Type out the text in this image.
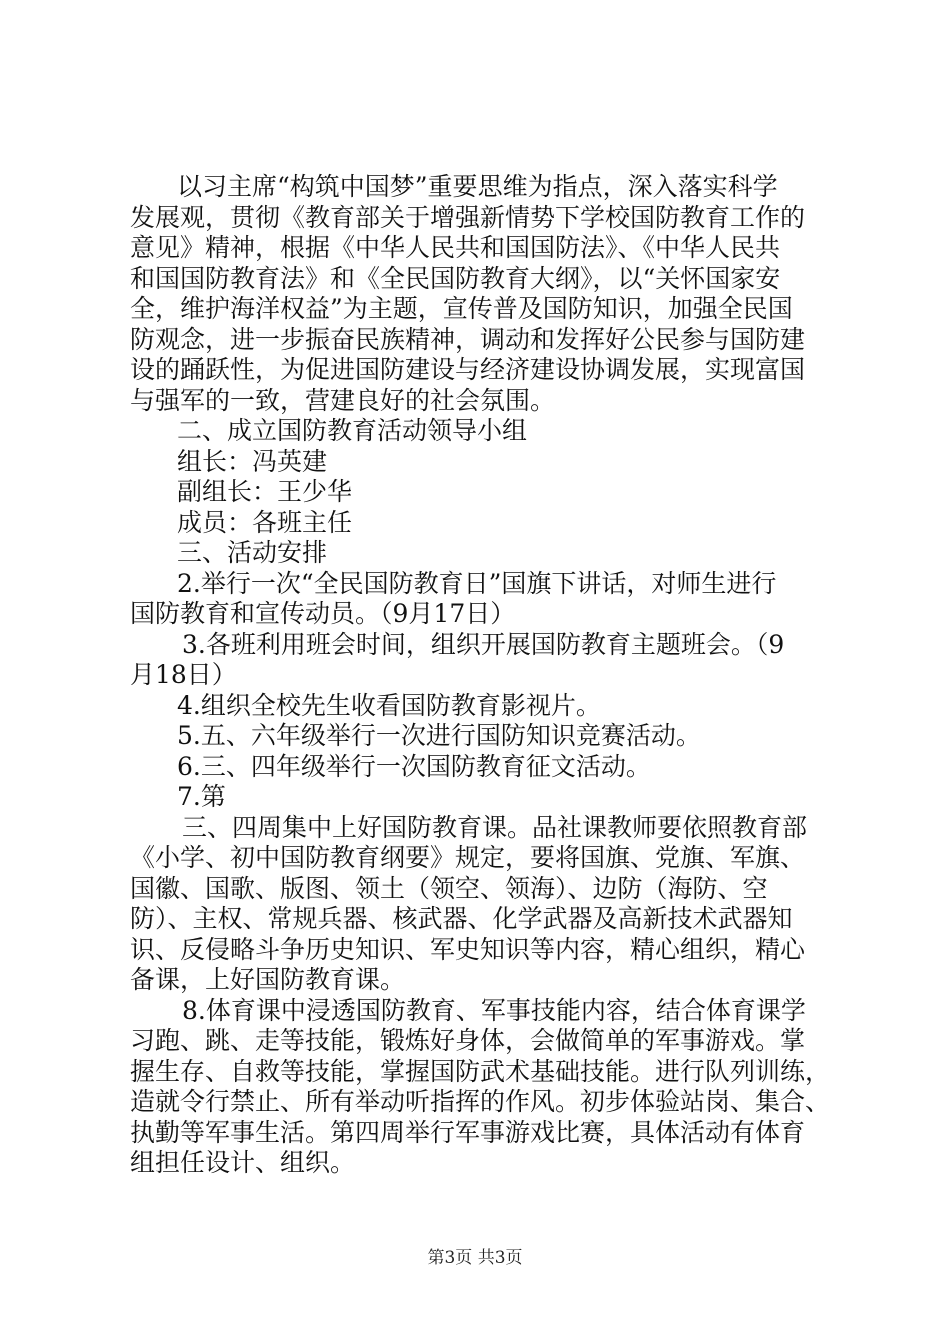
以习主席“构筑中国梦”重要思维为指点，深入落实科学
发展观，贯彻《教育部关于增强新情势下学校国防教育工作的
意见》精神，根据《中华人民共和国国防法》、《中华人民共
和国国防教育法》和《全民国防教育大纲》，以“关怀国家安
全，维护海洋权益”为主题，宣传普及国防知识，加强全民国
防观念，进一步振奋民族精神，调动和发挥好公民参与国防建
设的踊跃性，为促进国防建设与经济建设协调发展，实现富国
与强军的一致，营建良好的社会氛围。
二、成立国防教育活动领导小组
组长：冯英建
副组长：王少华
成员：各班主任
三、活动安排
2.举行一次“全民国防教育日”国旗下讲话，对师生进行
国防教育和宣传动员。（9月17日）
3.各班利用班会时间，组织开展国防教育主题班会。（9
月18日）
4.组织全校先生收看国防教育影视片。
5.五、六年级举行一次进行国防知识竞赛活动。
6.三、四年级举行一次国防教育征文活动。
7.第
三、四周集中上好国防教育课。品社课教师要依照教育部
《小学、初中国防教育纲要》规定，要将国旗、党旗、军旗、
国徽、国歌、版图、领土（领空、领海）、边防（海防、空
防）、主权、常规兵器、核武器、化学武器及高新技术武器知
识、反侵略斗争历史知识、军史知识等内容，精心组织，精心
备课，上好国防教育课。
8.体育课中浸透国防教育、军事技能内容，结合体育课学
习跑、跳、走等技能，锻炼好身体，会做简单的军事游戏。掌
握生存、自救等技能，掌握国防武术基础技能。进行队列训练，
造就令行禁止、所有举动听指挥的作风。初步体验站岗、集合、
执勤等军事生活。第四周举行军事游戏比赛，具体活动有体育
组担任设计、组织。
第3页 共3页
